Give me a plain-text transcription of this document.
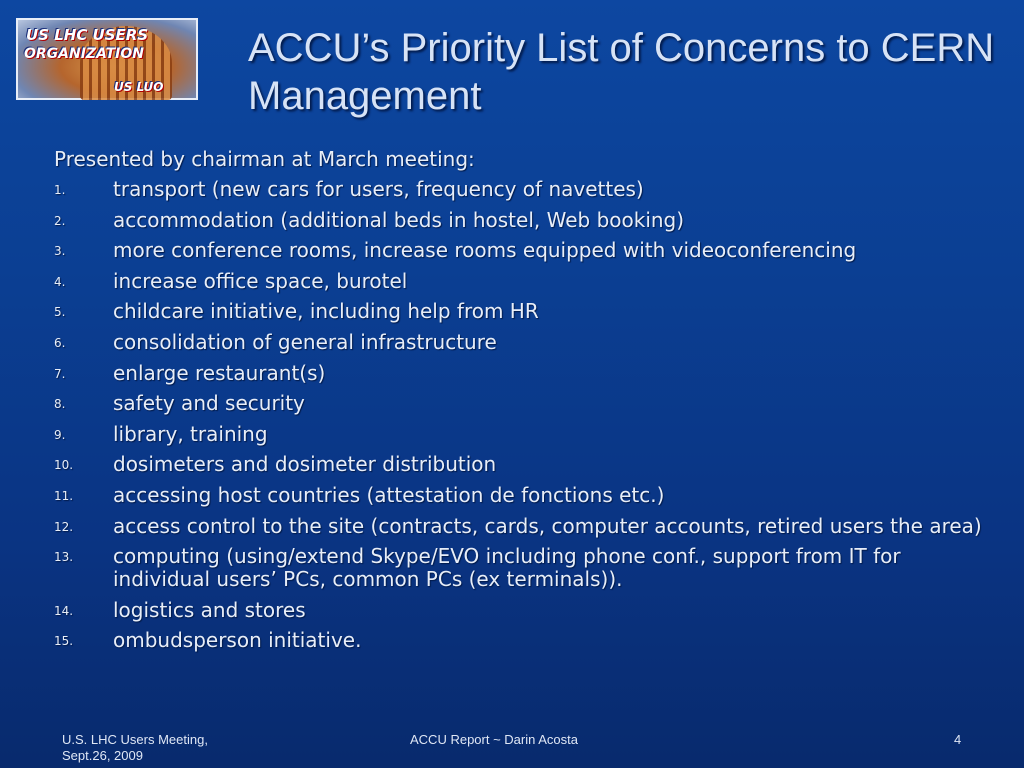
US LHC USERS
ORGANIZATION
US LUO
ACCU’s Priority List of Concerns to CERN Management
Presented by chairman at March meeting:
1. transport (new cars for users, frequency of navettes)
2. accommodation (additional beds in hostel, Web booking)
3. more conference rooms, increase rooms equipped with videoconferencing
4. increase office space, burotel
5. childcare initiative, including help from HR
6. consolidation of general infrastructure
7. enlarge restaurant(s)
8. safety and security
9. library, training
10. dosimeters and dosimeter distribution
11. accessing host countries (attestation de fonctions etc.)
12. access control to the site (contracts, cards, computer accounts, retired users the area)
13. computing (using/extend Skype/EVO including phone conf., support from IT for individual users’ PCs, common PCs (ex terminals)).
14. logistics and stores
15. ombudsperson initiative.
U.S. LHC Users Meeting,
Sept.26, 2009
ACCU Report ~ Darin Acosta	4
